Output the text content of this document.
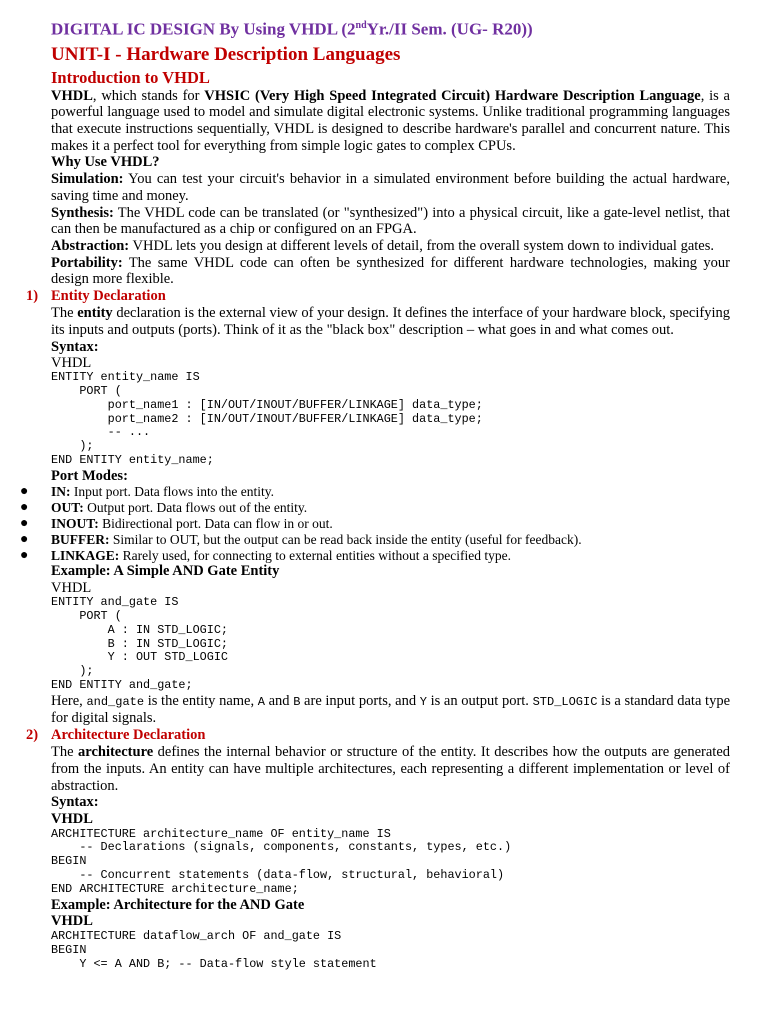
DIGITAL IC DESIGN By Using VHDL (2ndYr./II Sem. (UG- R20))
UNIT-I - Hardware Description Languages
Introduction to VHDL

VHDL, which stands for VHSIC (Very High Speed Integrated Circuit) Hardware Description Language, is a powerful language used to model and simulate digital electronic systems. Unlike traditional programming languages that execute instructions sequentially, VHDL is designed to describe hardware's parallel and concurrent nature. This makes it a perfect tool for everything from simple logic gates to complex CPUs.

Why Use VHDL?

Simulation: You can test your circuit's behavior in a simulated environment before building the actual hardware, saving time and money.

Synthesis: The VHDL code can be translated (or "synthesized") into a physical circuit, like a gate-level netlist, that can then be manufactured as a chip or configured on an FPGA.

Abstraction: VHDL lets you design at different levels of detail, from the overall system down to individual gates.

Portability: The same VHDL code can often be synthesized for different hardware technologies, making your design more flexible.

1) Entity Declaration

The entity declaration is the external view of your design. It defines the interface of your hardware block, specifying its inputs and outputs (ports). Think of it as the "black box" description – what goes in and what comes out.

Syntax:
VHDL
ENTITY entity_name IS
PORT (
port_name1 : [IN/OUT/INOUT/BUFFER/LINKAGE] data_type;
port_name2 : [IN/OUT/INOUT/BUFFER/LINKAGE] data_type;
-- ...
);
END ENTITY entity_name;
Port Modes:
● IN: Input port. Data flows into the entity.
● OUT: Output port. Data flows out of the entity.
● INOUT: Bidirectional port. Data can flow in or out.
● BUFFER: Similar to OUT, but the output can be read back inside the entity (useful for feedback).
● LINKAGE: Rarely used, for connecting to external entities without a specified type.
Example: A Simple AND Gate Entity
VHDL
ENTITY and_gate IS
PORT (
A : IN STD_LOGIC;
B : IN STD_LOGIC;
Y : OUT STD_LOGIC
);
END ENTITY and_gate;

Here, and_gate is the entity name, A and B are input ports, and Y is an output port. STD_LOGIC is a standard data type for digital signals.

2) Architecture Declaration

The architecture defines the internal behavior or structure of the entity. It describes how the outputs are generated from the inputs. An entity can have multiple architectures, each representing a different implementation or level of abstraction.

Syntax:
VHDL
ARCHITECTURE architecture_name OF entity_name IS
-- Declarations (signals, components, constants, types, etc.)
BEGIN
-- Concurrent statements (data-flow, structural, behavioral)
END ARCHITECTURE architecture_name;
Example: Architecture for the AND Gate
VHDL
ARCHITECTURE dataflow_arch OF and_gate IS
BEGIN
Y <= A AND B; -- Data-flow style statement
